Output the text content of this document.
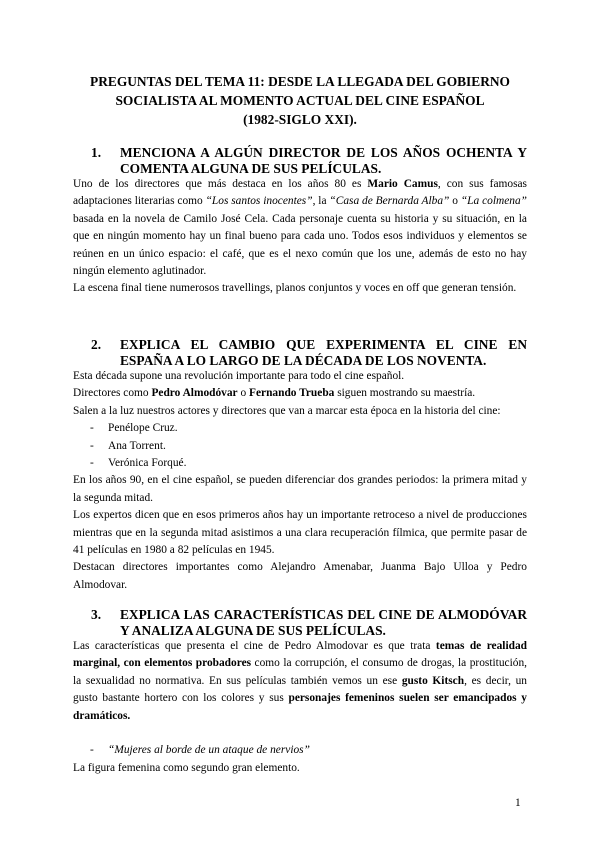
PREGUNTAS DEL TEMA 11: DESDE LA LLEGADA DEL GOBIERNO
SOCIALISTA AL MOMENTO ACTUAL DEL CINE ESPAÑOL
(1982-SIGLO XXI).
1. MENCIONA A ALGÚN DIRECTOR DE LOS AÑOS OCHENTA Y COMENTA ALGUNA DE SUS PELÍCULAS.

Uno de los directores que más destaca en los años 80 es Mario Camus, con sus famosas adaptaciones literarias como “Los santos inocentes”, la “Casa de Bernarda Alba” o “La colmena” basada en la novela de Camilo José Cela. Cada personaje cuenta su historia y su situación, en la que en ningún momento hay un final bueno para cada uno. Todos esos individuos y elementos se reúnen en un único espacio: el café, que es el nexo común que los une, además de esto no hay ningún elemento aglutinador.

La escena final tiene numerosos travellings, planos conjuntos y voces en off que generan tensión.

2. EXPLICA EL CAMBIO QUE EXPERIMENTA EL CINE EN ESPAÑA A LO LARGO DE LA DÉCADA DE LOS NOVENTA.

Esta década supone una revolución importante para todo el cine español.

Directores como Pedro Almodóvar o Fernando Trueba siguen mostrando su maestría.

Salen a la luz nuestros actores y directores que van a marcar esta época en la historia del cine:

- Penélope Cruz.
- Ana Torrent.
- Verónica Forqué.

En los años 90, en el cine español, se pueden diferenciar dos grandes periodos: la primera mitad y la segunda mitad.

Los expertos dicen que en esos primeros años hay un importante retroceso a nivel de producciones mientras que en la segunda mitad asistimos a una clara recuperación fílmica, que permite pasar de 41 películas en 1980 a 82 películas en 1945.

Destacan directores importantes como Alejandro Amenabar, Juanma Bajo Ulloa y Pedro Almodovar.

3. EXPLICA LAS CARACTERÍSTICAS DEL CINE DE ALMODÓVAR Y ANALIZA ALGUNA DE SUS PELÍCULAS.

Las características que presenta el cine de Pedro Almodovar es que trata temas de realidad marginal, con elementos probadores como la corrupción, el consumo de drogas, la prostitución, la sexualidad no normativa. En sus películas también vemos un ese gusto Kitsch, es decir, un gusto bastante hortero con los colores y sus personajes femeninos suelen ser emancipados y dramáticos.

- “Mujeres al borde de un ataque de nervios”

La figura femenina como segundo gran elemento.

1
